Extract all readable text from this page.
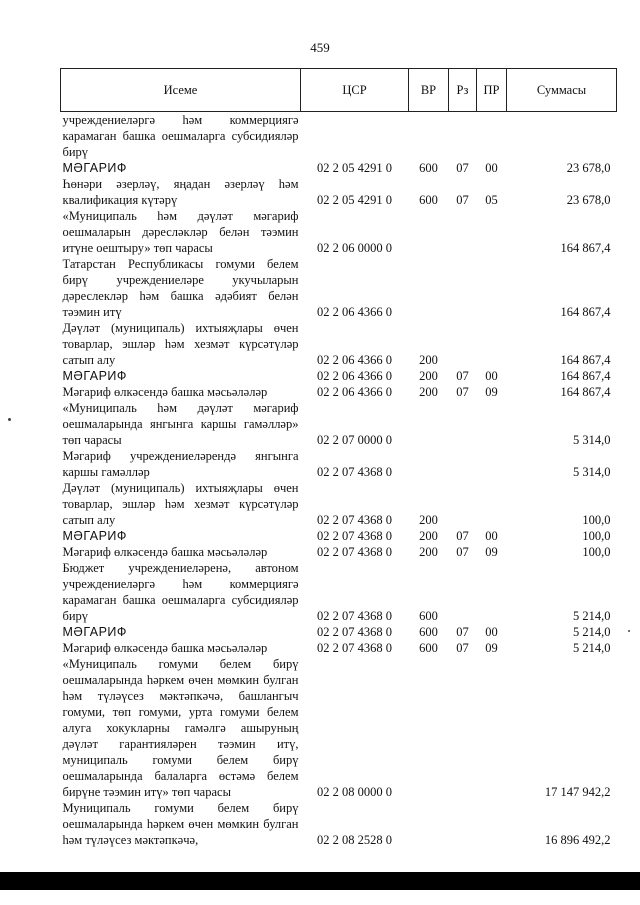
459
Исеме	ЦСР	ВР	Рз	ПР	Суммасы
учреждениеләргә һәм коммерциягә карамаган башка оешмаларга субсидияләр бирү					
МӘГАРИФ	02 2 05 4291 0	600	07	00	23 678,0
Һөнәри әзерләү, яңадан әзерләү һәм квалификация күтәрү	02 2 05 4291 0	600	07	05	23 678,0
«Муниципаль һәм дәүләт мәгариф оешмаларын дәресләкләр белән тәэмин итүне оештыру» төп чарасы	02 2 06 0000 0				164 867,4
Татарстан Республикасы гомуми белем бирү учреждениеләре укучыларын дәреслекләр һәм башка әдәбият белән тәэмин итү	02 2 06 4366 0				164 867,4
Дәүләт (муниципаль) ихтыяҗлары өчен товарлар, эшләр һәм хезмәт күрсәтүләр сатып алу	02 2 06 4366 0	200			164 867,4
МӘГАРИФ	02 2 06 4366 0	200	07	00	164 867,4
Мәгариф өлкәсендә башка мәсьәләләр	02 2 06 4366 0	200	07	09	164 867,4
«Муниципаль һәм дәүләт мәгариф оешмаларында янгынга каршы гамәлләр» төп чарасы	02 2 07 0000 0				5 314,0
Мәгариф учреждениеләрендә янгынга каршы гамәлләр	02 2 07 4368 0				5 314,0
Дәүләт (муниципаль) ихтыяҗлары өчен товарлар, эшләр һәм хезмәт күрсәтүләр сатып алу	02 2 07 4368 0	200			100,0
МӘГАРИФ	02 2 07 4368 0	200	07	00	100,0
Мәгариф өлкәсендә башка мәсьәләләр	02 2 07 4368 0	200	07	09	100,0
Бюджет учреждениеләренә, автоном учреждениеләргә һәм коммерциягә карамаган башка оешмаларга субсидияләр бирү	02 2 07 4368 0	600			5 214,0
МӘГАРИФ	02 2 07 4368 0	600	07	00	5 214,0
Мәгариф өлкәсендә башка мәсьәләләр	02 2 07 4368 0	600	07	09	5 214,0
«Муниципаль гомуми белем бирү оешмаларында һәркем өчен мөмкин булган һәм түләүсез мәктәпкәчә, башлангыч гомуми, төп гомуми, урта гомуми белем алуга хокукларны гамәлгә ашыруның дәүләт гарантияләрен тәэмин итү, муниципаль гомуми белем бирү оешмаларында балаларга өстәмә белем бирүне тәэмин итү» төп чарасы	02 2 08 0000 0				17 147 942,2
Муниципаль гомуми белем бирү оешмаларында һәркем өчен мөмкин булган һәм түләүсез мәктәпкәчә,	02 2 08 2528 0				16 896 492,2
